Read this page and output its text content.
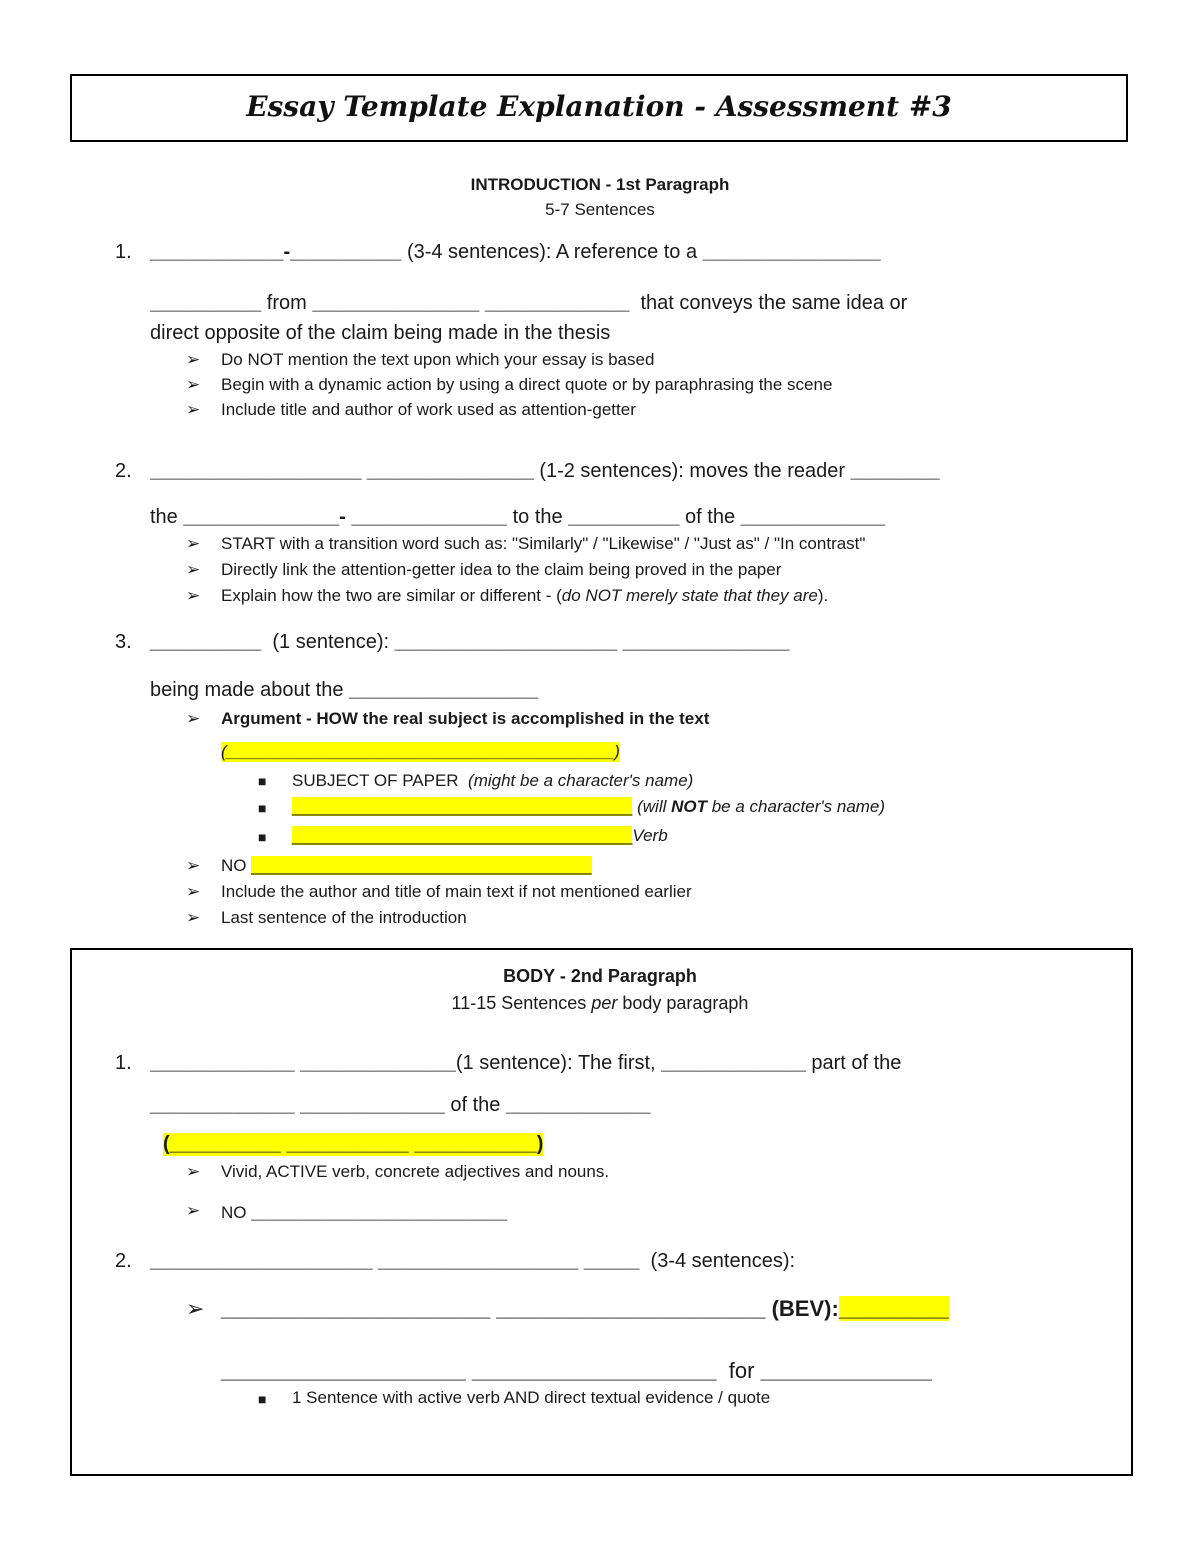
Essay Template Explanation - Assessment #3
INTRODUCTION - 1st Paragraph
5-7 Sentences
1. ____________-__________ (3-4 sentences): A reference to a ________________
__________ from _______________ _____________ that conveys the same idea or
direct opposite of the claim being made in the thesis
➢ Do NOT mention the text upon which your essay is based
➢ Begin with a dynamic action by using a direct quote or by paraphrasing the scene
➢ Include title and author of work used as attention-getter
2. ___________________ _______________ (1-2 sentences): moves the reader ________
the ______________- ______________ to the __________ of the _____________
➢ START with a transition word such as: "Similarly" / "Likewise" / "Just as" / "In contrast"
➢ Directly link the attention-getter idea to the claim being proved in the paper
➢ Explain how the two are similar or different - (do NOT merely state that they are).
3. __________ (1 sentence): ____________________ _______________
being made about the _________________
➢ Argument - HOW the real subject is accomplished in the text
(_________________________________________)
■ SUBJECT OF PAPER (might be a character's name)
■ ____________________________________ (will NOT be a character's name)
■ ____________________________________Verb
➢ NO ____________________________________
➢ Include the author and title of main text if not mentioned earlier
➢ Last sentence of the introduction
BODY - 2nd Paragraph
11-15 Sentences per body paragraph
1. _____________ ______________(1 sentence): The first, _____________ part of the
_____________ _____________ of the _____________
(__________ ___________ ___________)
➢ Vivid, ACTIVE verb, concrete adjectives and nouns.
➢ NO _______________________
2. ____________________ __________________ _____ (3-4 sentences):
➢ ______________________ ______________________ (BEV):_________
____________________ ____________________ for ______________
■ 1 Sentence with active verb AND direct textual evidence / quote
